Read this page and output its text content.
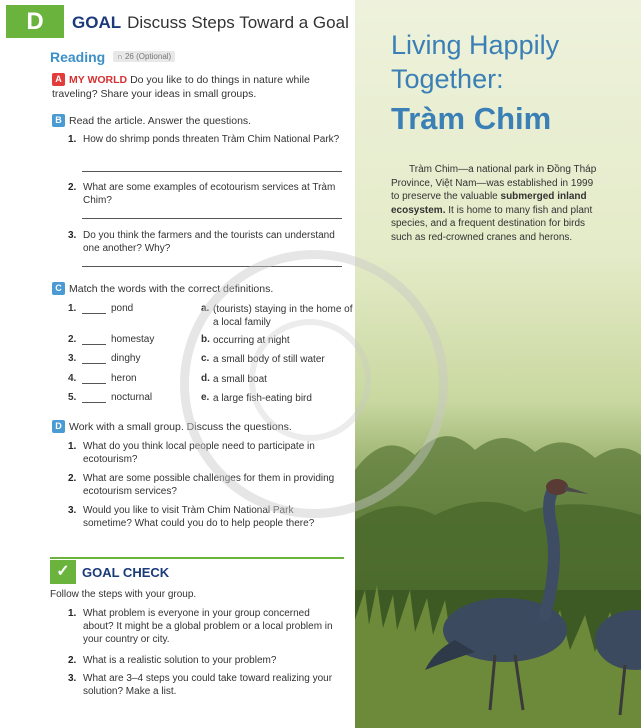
D	GOAL Discuss Steps Toward a Goal
Reading	∩ 26 (Optional)
A MY WORLD Do you like to do things in nature while traveling? Share your ideas in small groups.
B Read the article. Answer the questions.
1. How do shrimp ponds threaten Tràm Chim National Park?
2. What are some examples of ecotourism services at Tràm Chim?
3. Do you think the farmers and the tourists can understand one another? Why?
C Match the words with the correct definitions.
1.	pond	a. (tourists) staying in the home of a local family
2.	homestay	b. occurring at night
3.	dinghy	c. a small body of still water
4.	heron	d. a small boat
5.	nocturnal	e. a large fish-eating bird
D Work with a small group. Discuss the questions.
1. What do you think local people need to participate in ecotourism?
2. What are some possible challenges for them in providing ecotourism services?
3. Would you like to visit Tràm Chim National Park sometime? What could you do to help people there?
✓ GOAL CHECK
Follow the steps with your group.
1. What problem is everyone in your group concerned about? It might be a global problem or a local problem in your country or city.
2. What is a realistic solution to your problem?
3. What are 3–4 steps you could take toward realizing your solution? Make a list.
Living Happily
Together:
Tràm Chim
Tràm Chim—a national park in Đồng Tháp Province, Việt Nam—was established in 1999 to preserve the valuable submerged inland ecosystem. It is home to many fish and plant species, and a frequent destination for birds such as red-crowned cranes and herons.
